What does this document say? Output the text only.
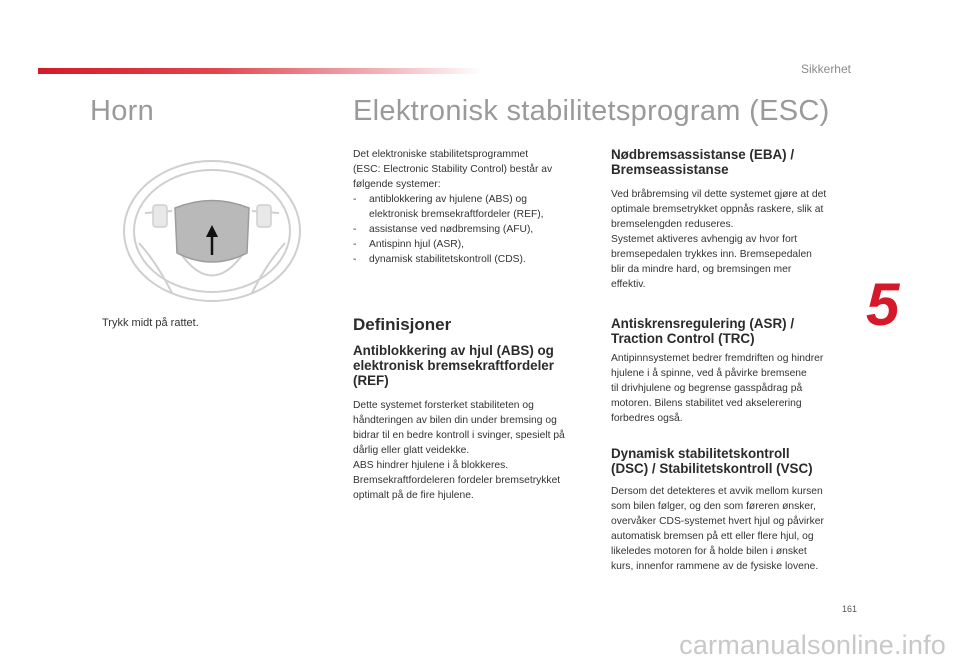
Sikkerhet
Horn	Elektronisk stabilitetsprogram (ESC)
Trykk midt på rattet.

Det elektroniske stabilitetsprogrammet

(ESC: Electronic Stability Control) består av

følgende systemer:

-	antiblokkering av hjulene (ABS) og
elektronisk bremsekraftfordeler (REF),
-	assistanse ved nødbremsing (AFU),
-	Antispinn hjul (ASR),
-	dynamisk stabilitetskontroll (CDS).
Definisjoner

Antiblokkering av hjul (ABS) og
elektronisk bremsekraftfordeler
(REF)

Dette systemet forsterket stabiliteten og
håndteringen av bilen din under bremsing og
bidrar til en bedre kontroll i svinger, spesielt på
dårlig eller glatt veidekke.
ABS hindrer hjulene i å blokkeres.
Bremsekraftfordeleren fordeler bremsetrykket
optimalt på de fire hjulene.

Nødbremsassistanse (EBA) /
Bremseassistanse

Ved bråbremsing vil dette systemet gjøre at det
optimale bremsetrykket oppnås raskere, slik at
bremselengden reduseres.
Systemet aktiveres avhengig av hvor fort
bremsepedalen trykkes inn. Bremsepedalen
blir da mindre hard, og bremsingen mer
effektiv.

Antiskrensregulering (ASR) /
Traction Control (TRC)

Antipinnsystemet bedrer fremdriften og hindrer
hjulene i å spinne, ved å påvirke bremsene
til drivhjulene og begrense gasspådrag på
motoren. Bilens stabilitet ved akselerering
forbedres også.

Dynamisk stabilitetskontroll
(DSC) / Stabilitetskontroll (VSC)

Dersom det detekteres et avvik mellom kursen
som bilen følger, og den som føreren ønsker,
overvåker CDS-systemet hvert hjul og påvirker
automatisk bremsen på ett eller flere hjul, og
likeledes motoren for å holde bilen i ønsket
kurs, innenfor rammene av de fysiske lovene.

5
161
carmanualsonline.info
